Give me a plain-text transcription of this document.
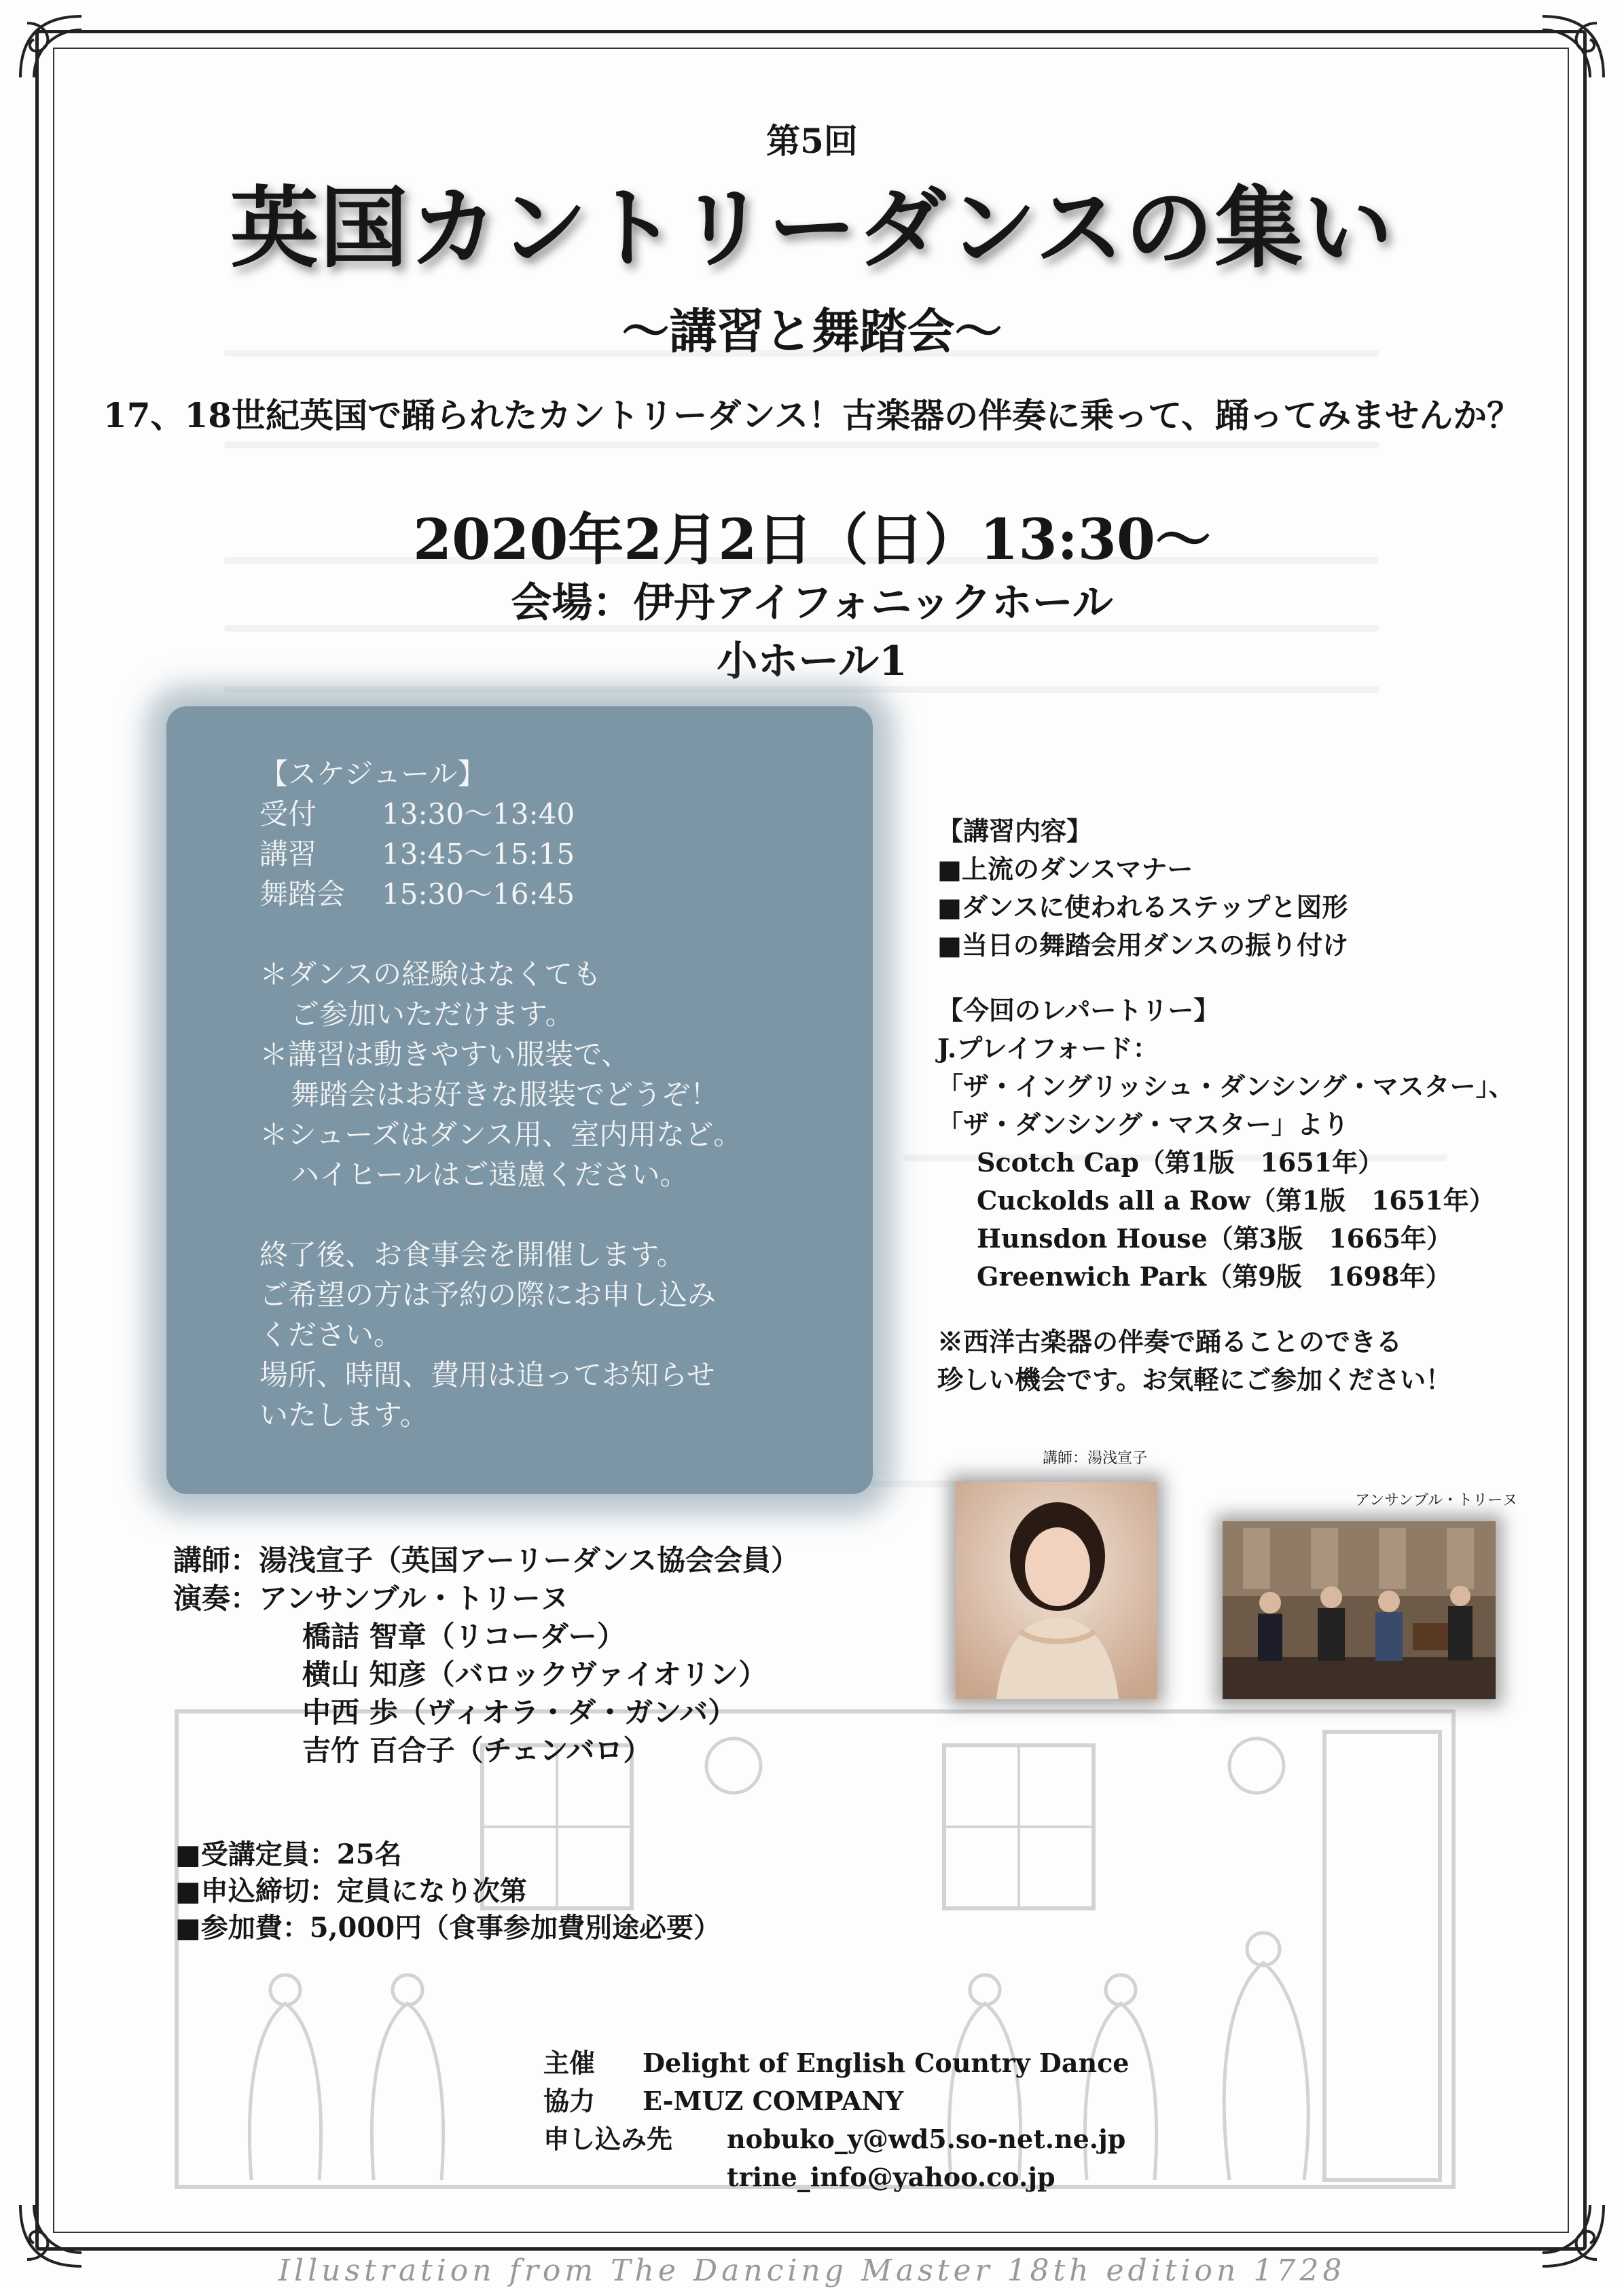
第5回
英国カントリーダンスの集い
～講習と舞踏会～
17、18世紀英国で踊られたカントリーダンス！古楽器の伴奏に乗って、踊ってみませんか？
2020年2月2日（日）13:30～
会場：伊丹アイフォニックホール
小ホール1
【スケジュール】
受付 13:30～13:40
講習 13:45～15:15
舞踏会 15:30～16:45
＊ダンスの経験はなくても
ご参加いただけます。
＊講習は動きやすい服装で、
舞踏会はお好きな服装でどうぞ！
＊シューズはダンス用、室内用など。
ハイヒールはご遠慮ください。
終了後、お食事会を開催します。
ご希望の方は予約の際にお申し込み
ください。
場所、時間、費用は追ってお知らせ
いたします。
【講習内容】
■上流のダンスマナー
■ダンスに使われるステップと図形
■当日の舞踏会用ダンスの振り付け
【今回のレパートリー】
J.プレイフォード：
「ザ・イングリッシュ・ダンシング・マスター」、
「ザ・ダンシング・マスター」より
Scotch Cap（第1版　1651年）
Cuckolds all a Row（第1版　1651年）
Hunsdon House（第3版　1665年）
Greenwich Park（第9版　1698年）
※西洋古楽器の伴奏で踊ることのできる
珍しい機会です。お気軽にご参加ください！
講師：湯浅宣子
アンサンブル・トリーヌ
講師：湯浅宣子（英国アーリーダンス協会会員）
演奏：アンサンブル・トリーヌ
橋詰 智章（リコーダー）
横山 知彦（バロックヴァイオリン）
中西 歩（ヴィオラ・ダ・ガンバ）
吉竹 百合子（チェンバロ）
■受講定員：25名
■申込締切：定員になり次第
■参加費：5,000円（食事参加費別途必要）
主催 Delight of English Country Dance
協力 E-MUZ COMPANY
申し込み先 nobuko_y@wd5.so-net.ne.jp
trine_info@yahoo.co.jp
Illustration from The Dancing Master 18th edition 1728
